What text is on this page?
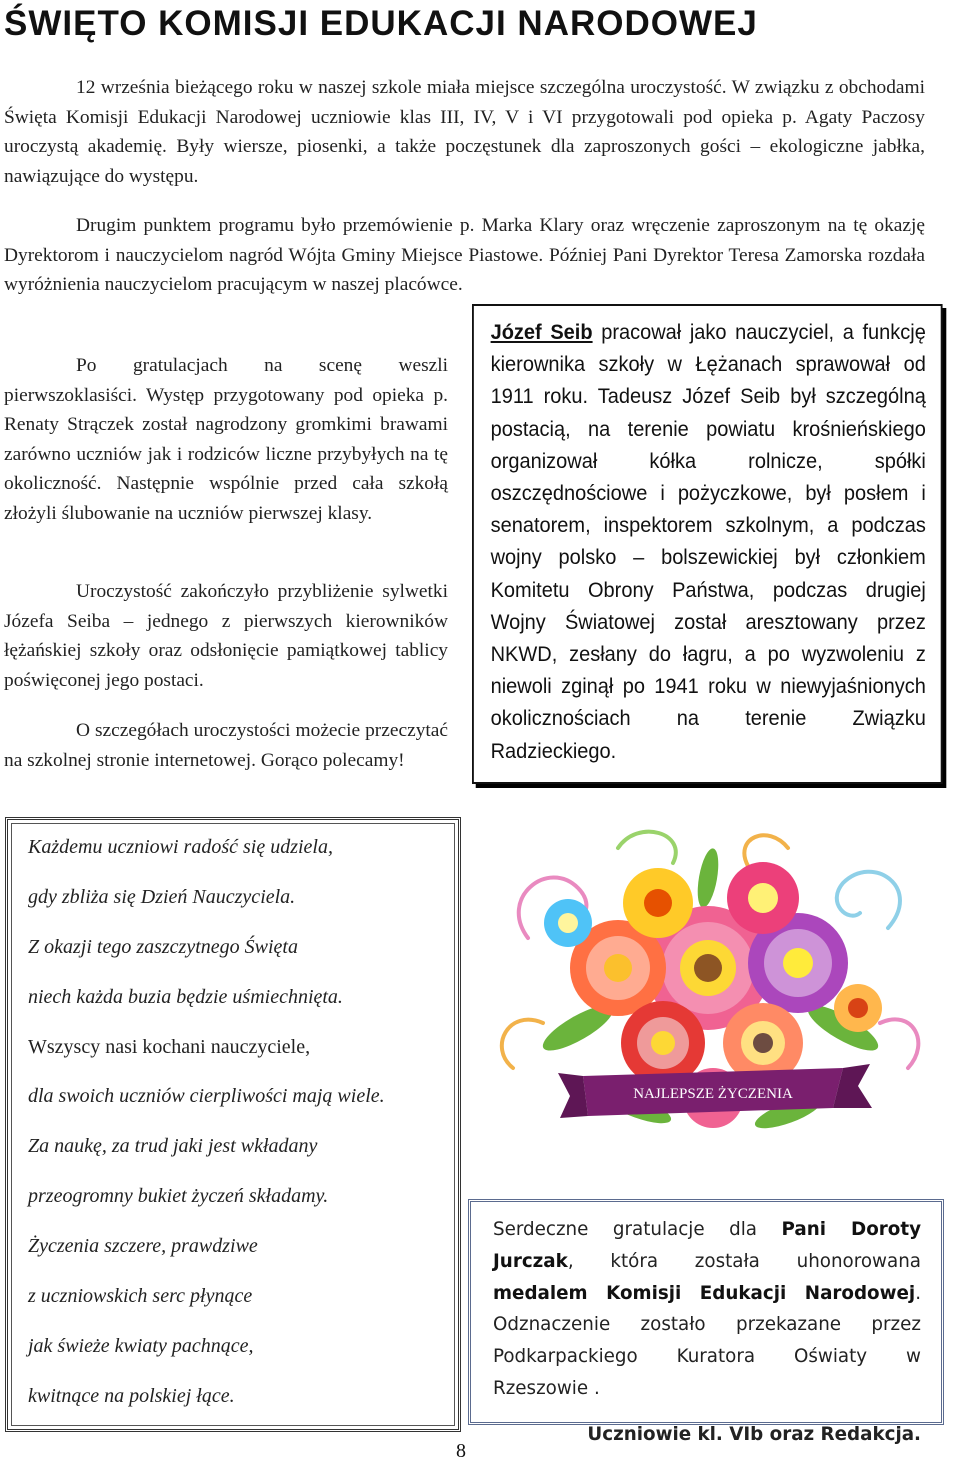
ŚWIĘTO KOMISJI EDUKACJI NARODOWEJ

12 września bieżącego roku w naszej szkole miała miejsce szczególna uroczystość. W związku z obchodami Święta Komisji Edukacji Narodowej uczniowie klas III, IV, V i VI przygotowali pod opieka p. Agaty Paczosy uroczystą akademię. Były wiersze, piosenki, a także poczęstunek dla zaproszonych gości – ekologiczne jabłka, nawiązujące do występu.

Drugim punktem programu było przemówienie p. Marka Klary oraz wręczenie zaproszonym na tę okazję Dyrektorom i nauczycielom nagród Wójta Gminy Miejsce Piastowe. Później Pani Dyrektor Teresa Zamorska rozdała wyróżnienia nauczycielom pracującym w naszej placówce.

Po gratulacjach na scenę weszli pierwszoklasiści. Występ przygotowany pod opieka p. Renaty Strączek został nagrodzony gromkimi brawami zarówno uczniów jak i rodziców liczne przybyłych na tę okoliczność. Następnie wspólnie przed cała szkołą złożyli ślubowanie na uczniów pierwszej klasy.

Uroczystość zakończyło przybliżenie sylwetki Józefa Seiba – jednego z pierwszych kierowników łężańskiej szkoły oraz odsłonięcie pamiątkowej tablicy poświęconej jego postaci.

O szczegółach uroczystości możecie przeczytać na szkolnej stronie internetowej. Gorąco polecamy!

Józef Seib pracował jako nauczyciel, a funkcję kierownika szkoły w Łężanach sprawował od 1911 roku. Tadeusz Józef Seib był szczególną postacią, na terenie powiatu krośnieńskiego organizował kółka rolnicze, spółki oszczędnościowe i pożyczkowe, był posłem i senatorem, inspektorem szkolnym, a podczas wojny polsko – bolszewickiej był członkiem Komitetu Obrony Państwa, podczas drugiej Wojny Światowej został aresztowany przez NKWD, zesłany do łagru, a po wyzwoleniu z niewoli zginął po 1941 roku w niewyjaśnionych okolicznościach na terenie Związku Radzieckiego.
Każdemu uczniowi radość się udziela,
gdy zbliża się Dzień Nauczyciela.
Z okazji tego zaszczytnego Święta
niech każda buzia będzie uśmiechnięta.
Wszyscy nasi kochani nauczyciele,
dla swoich uczniów cierpliwości mają wiele.
Za naukę, za trud jaki jest wkładany
przeogromny bukiet życzeń składamy.
Życzenia szczere, prawdziwe
z uczniowskich serc płynące
jak świeże kwiaty pachnące,
kwitnące na polskiej łące.
NAJLEPSZE ŻYCZENIA
Serdeczne gratulacje dla Pani Doroty Jurczak, która została uhonorowana medalem Komisji Edukacji Narodowej. Odznaczenie zostało przekazane przez Podkarpackiego Kuratora Oświaty w Rzeszowie .
Uczniowie kl. VIb oraz Redakcja.
8
